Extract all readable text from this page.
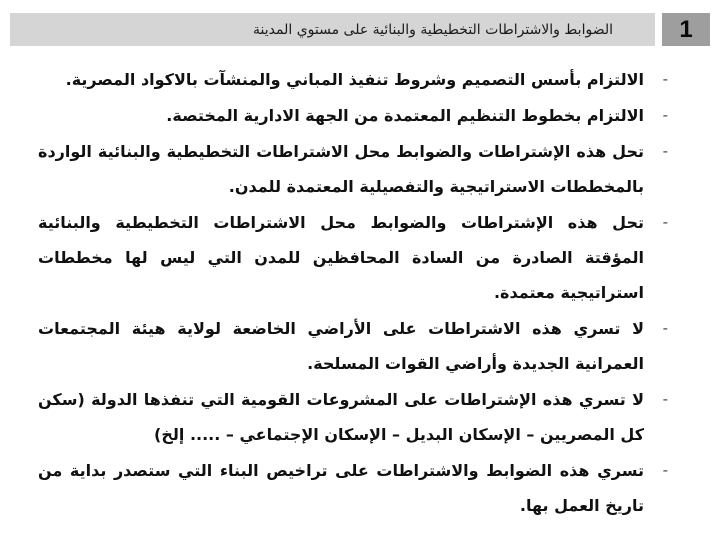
الضوابط والاشتراطات التخطيطية والبنائية على مستوي المدينة	1
-
الالتزام بأسس التصميم وشروط تنفيذ المباني والمنشآت بالاكواد المصرية.
-
الالتزام بخطوط التنظيم المعتمدة من الجهة الادارية المختصة.
-
تحل هذه الإشتراطات والضوابط محل الاشتراطات التخطيطية والبنائية الواردة بالمخططات الاستراتيجية والتفصيلية المعتمدة للمدن.
-
تحل هذه الإشتراطات والضوابط محل الاشتراطات التخطيطية والبنائية المؤقتة الصادرة من السادة المحافظين للمدن التي ليس لها مخططات استراتيجية معتمدة.
-
لا تسري هذه الاشتراطات على الأراضي الخاضعة لولاية هيئة المجتمعات العمرانية الجديدة وأراضي القوات المسلحة.
-
لا تسري هذه الإشتراطات على المشروعات القومية التي تنفذها الدولة (سكن كل المصريين – الإسكان البديل – الإسكان الإجتماعي – ..... إلخ)
-
تسري هذه الضوابط والاشتراطات على تراخيص البناء التي ستصدر بداية من تاريخ العمل بها.
